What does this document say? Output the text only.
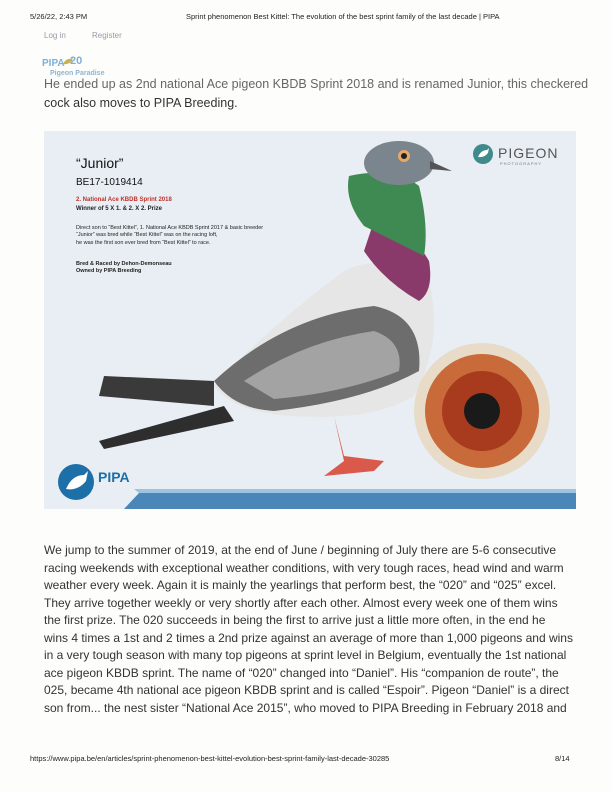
5/26/22, 2:43 PM	Sprint phenomenon Best Kittel: The evolution of the best sprint family of the last decade | PIPA
Log in	Register
PIPA 20
Pigeon Paradise
He ended up as 2nd national Ace pigeon KBDB Sprint 2018 and is renamed Junior, this checkered
cock also moves to PIPA Breeding.
“Junior”
BE17-1019414
2. National Ace KBDB Sprint 2018
Winner of 5 X 1. & 2. X 2. Prize
Direct son to “Best Kittel”, 1. National Ace KBDB Sprint 2017 & basic breeder
“Junior” was bred while “Best Kittel” was on the racing loft,
he was the first son ever bred from “Best Kittel” to race.
Bred & Raced by Dehon-Demonseau
Owned by PIPA Breeding
PIGEON
PHOTOGRAPHY
PIPA
We jump to the summer of 2019, at the end of June / beginning of July there are 5-6 consecutive
racing weekends with exceptional weather conditions, with very tough races, head wind and warm
weather every week. Again it is mainly the yearlings that perform best, the “020” and “025” excel.
They arrive together weekly or very shortly after each other. Almost every week one of them wins
the first prize. The 020 succeeds in being the first to arrive just a little more often, in the end he
wins 4 times a 1st and 2 times a 2nd prize against an average of more than 1,000 pigeons and wins
in a very tough season with many top pigeons at sprint level in Belgium, eventually the 1st national
ace pigeon KBDB sprint. The name of “020” changed into “Daniel”. His “companion de route”, the
025, became 4th national ace pigeon KBDB sprint and is called “Espoir”. Pigeon “Daniel” is a direct
son from... the nest sister “National Ace 2015”, who moved to PIPA Breeding in February 2018 and
https://www.pipa.be/en/articles/sprint-phenomenon-best-kittel-evolution-best-sprint-family-last-decade-30285	8/14
